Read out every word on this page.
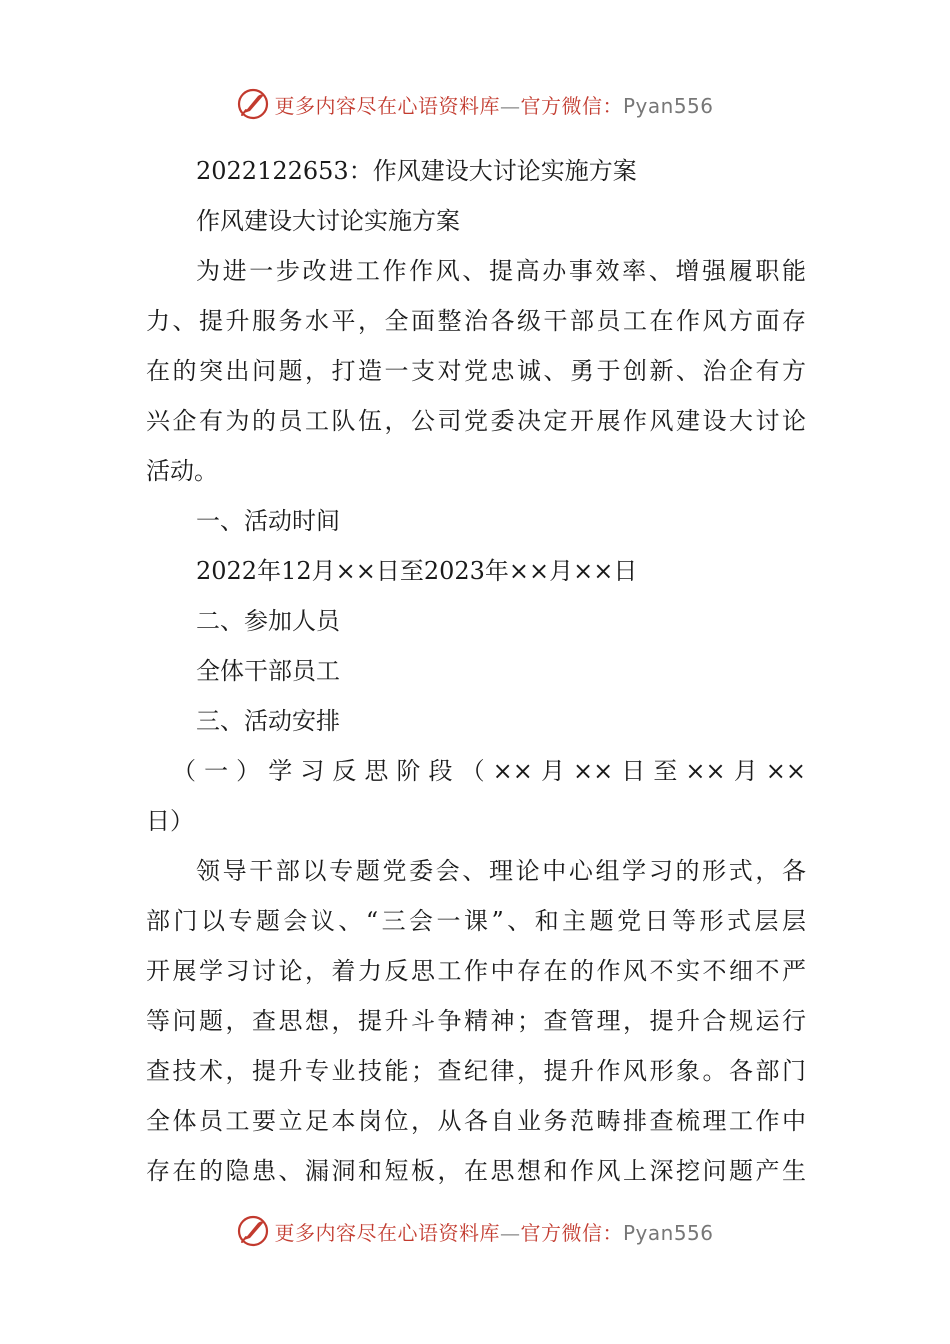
更多内容尽在心语资料库—官方微信：Pyan556
2022122653：作风建设大讨论实施方案
作风建设大讨论实施方案
为进一步改进工作作风、提高办事效率、增强履职能
力、提升服务水平，全面整治各级干部员工在作风方面存
在的突出问题，打造一支对党忠诚、勇于创新、治企有方
兴企有为的员工队伍，公司党委决定开展作风建设大讨论
活动。
一、活动时间
2022年12月××日至2023年××月××日
二、参加人员
全体干部员工
三、活动安排
（一）学习反思阶段（××月××日至××月××
日）
领导干部以专题党委会、理论中心组学习的形式，各
部门以专题会议、“三会一课”、和主题党日等形式层层
开展学习讨论，着力反思工作中存在的作风不实不细不严
等问题，查思想，提升斗争精神；查管理，提升合规运行
查技术，提升专业技能；查纪律，提升作风形象。各部门
全体员工要立足本岗位，从各自业务范畴排查梳理工作中
存在的隐患、漏洞和短板，在思想和作风上深挖问题产生
更多内容尽在心语资料库—官方微信：Pyan556
